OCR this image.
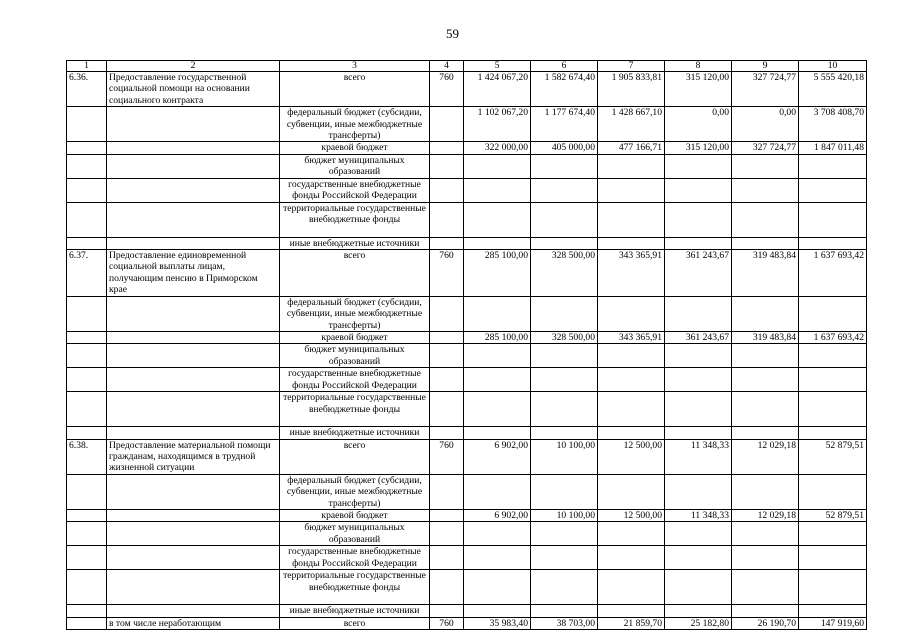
59
1	2	3	4	5	6	7	8	9	10
6.36.	Предоставление государственной социальной помощи на основании социального контракта	всего	760	1 424 067,20	1 582 674,40	1 905 833,81	315 120,00	327 724,77	5 555 420,18
		федеральный бюджет (субсидии, субвенции, иные межбюджетные трансферты)		1 102 067,20	1 177 674,40	1 428 667,10	0,00	0,00	3 708 408,70
		краевой бюджет		322 000,00	405 000,00	477 166,71	315 120,00	327 724,77	1 847 011,48
		бюджет муниципальных образований							
		государственные внебюджетные фонды Российской Федерации							
		территориальные государственные внебюджетные фонды							
		иные внебюджетные источники							
6.37.	Предоставление единовременной социальной выплаты лицам, получающим пенсию в Приморском крае	всего	760	285 100,00	328 500,00	343 365,91	361 243,67	319 483,84	1 637 693,42
		федеральный бюджет (субсидии, субвенции, иные межбюджетные трансферты)							
		краевой бюджет		285 100,00	328 500,00	343 365,91	361 243,67	319 483,84	1 637 693,42
		бюджет муниципальных образований							
		государственные внебюджетные фонды Российской Федерации							
		территориальные государственные внебюджетные фонды							
		иные внебюджетные источники							
6.38.	Предоставление материальной помощи гражданам, находящимся в трудной жизненной ситуации	всего	760	6 902,00	10 100,00	12 500,00	11 348,33	12 029,18	52 879,51
		федеральный бюджет (субсидии, субвенции, иные межбюджетные трансферты)							
		краевой бюджет		6 902,00	10 100,00	12 500,00	11 348,33	12 029,18	52 879,51
		бюджет муниципальных образований							
		государственные внебюджетные фонды Российской Федерации							
		территориальные государственные внебюджетные фонды							
		иные внебюджетные источники							
	в том числе неработающим	всего	760	35 983,40	38 703,00	21 859,70	25 182,80	26 190,70	147 919,60
